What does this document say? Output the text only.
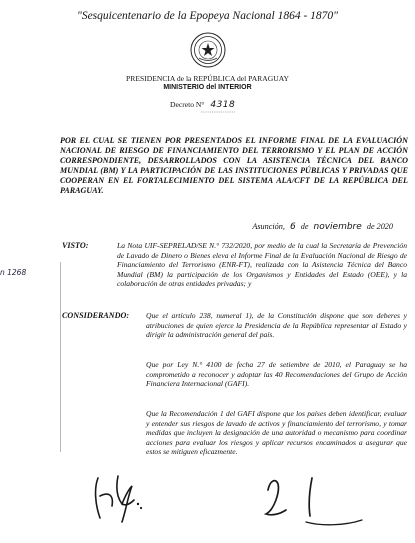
"Sesquicentenario de la Epopeya Nacional 1864 - 1870"
PRESIDENCIA de la REPÚBLICA del PARAGUAY
MINISTERIO del INTERIOR
Decreto N° 4318
POR EL CUAL SE TIENEN POR PRESENTADOS EL INFORME FINAL DE LA EVALUACIÓN NACIONAL DE RIESGO DE FINANCIAMIENTO DEL TERRORISMO Y EL PLAN DE ACCIÓN CORRESPONDIENTE, DESARROLLADOS CON LA ASISTENCIA TÉCNICA DEL BANCO MUNDIAL (BM) Y LA PARTICIPACIÓN DE LAS INSTITUCIONES PÚBLICAS Y PRIVADAS QUE COOPERAN EN EL FORTALECIMIENTO DEL SISTEMA ALA/CFT DE LA REPÚBLICA DEL PARAGUAY.
Asunción, 6 de noviembre de 2020
VISTO:	La Nota UIF-SEPRELAD/SE N.° 732/2020, por medio de la cual la Secretaría de Prevención de Lavado de Dinero o Bienes eleva el Informe Final de la Evaluación Nacional de Riesgo de Financiamiento del Terrorismo (ENR-FT), realizada con la Asistencia Técnica del Banco Mundial (BM) la participación de los Organismos y Entidades del Estado (OEE), y la colaboración de otras entidades privadas; y
n 1268
CONSIDERANDO: Que el artículo 238, numeral 1), de la Constitución dispone que son deberes y atribuciones de quien ejerce la Presidencia de la República representar al Estado y dirigir la administración general del país.
Que por Ley N.° 4100 de fecha 27 de setiembre de 2010, el Paraguay se ha comprometido a reconocer y adoptar las 40 Recomendaciones del Grupo de Acción Financiera Internacional (GAFI).
Que la Recomendación 1 del GAFI dispone que los países deben identificar, evaluar y entender sus riesgos de lavado de activos y financiamiento del terrorismo, y tomar medidas que incluyen la designación de una autoridad o mecanismo para coordinar acciones para evaluar los riesgos y aplicar recursos encaminados a asegurar que estos se mitiguen eficazmente.
